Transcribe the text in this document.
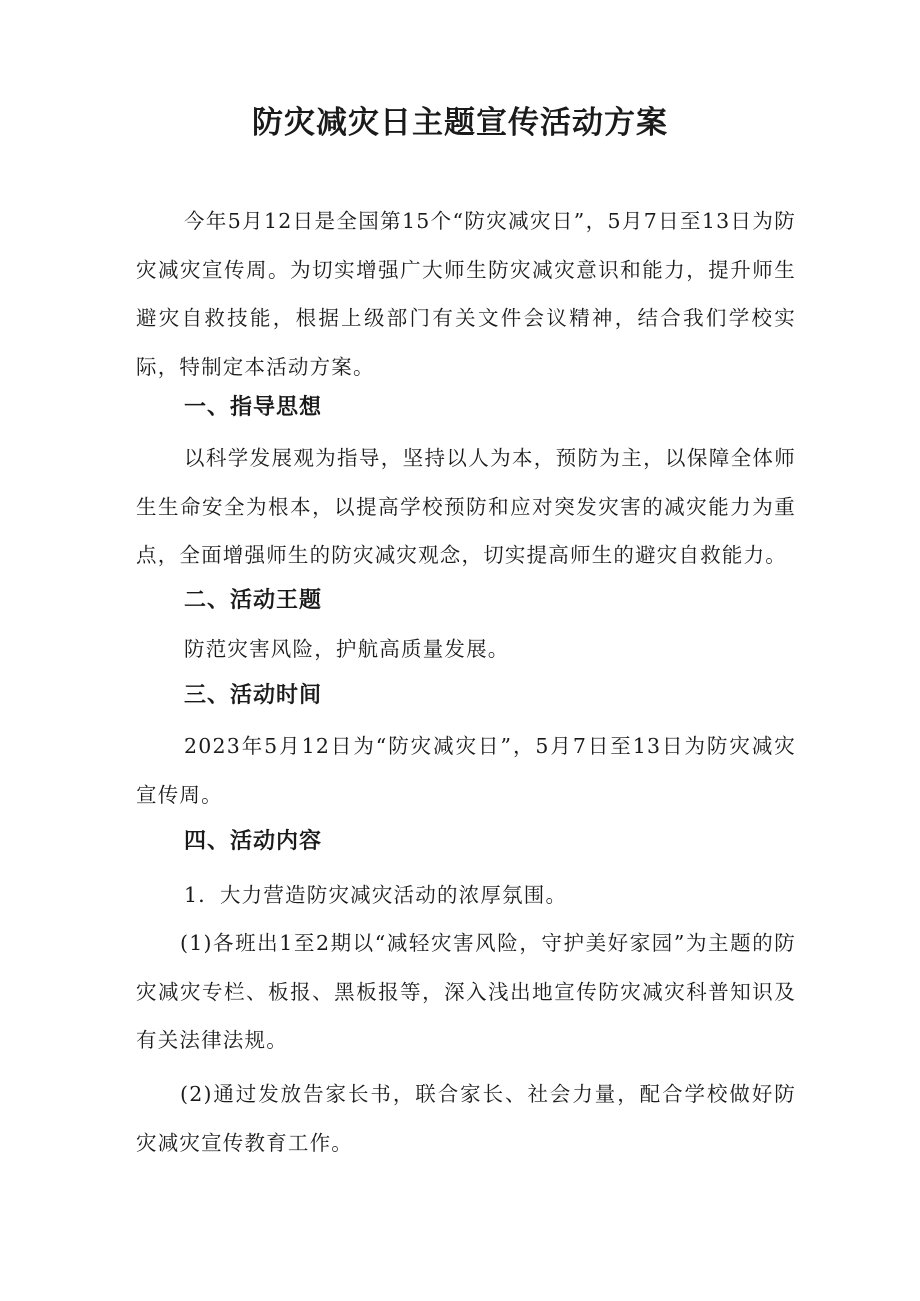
防灾减灾日主题宣传活动方案
今年5月12日是全国第15个“防灾减灾日”，5月7日至13日为防灾减灾宣传周。为切实增强广大师生防灾减灾意识和能力，提升师生避灾自救技能，根据上级部门有关文件会议精神，结合我们学校实际，特制定本活动方案。
一、指导思想
以科学发展观为指导，坚持以人为本，预防为主，以保障全体师生生命安全为根本，以提高学校预防和应对突发灾害的减灾能力为重点，全面增强师生的防灾减灾观念，切实提高师生的避灾自救能力。
二、活动王题
防范灾害风险，护航高质量发展。
三、活动时间
2023年5月12日为“防灾减灾日”，5月7日至13日为防灾减灾宣传周。
四、活动内容
1．大力营造防灾减灾活动的浓厚氛围。
(1)各班出1至2期以“减轻灾害风险，守护美好家园”为主题的防灾减灾专栏、板报、黑板报等，深入浅出地宣传防灾减灾科普知识及有关法律法规。
(2)通过发放告家长书，联合家长、社会力量，配合学校做好防灾减灾宣传教育工作。
